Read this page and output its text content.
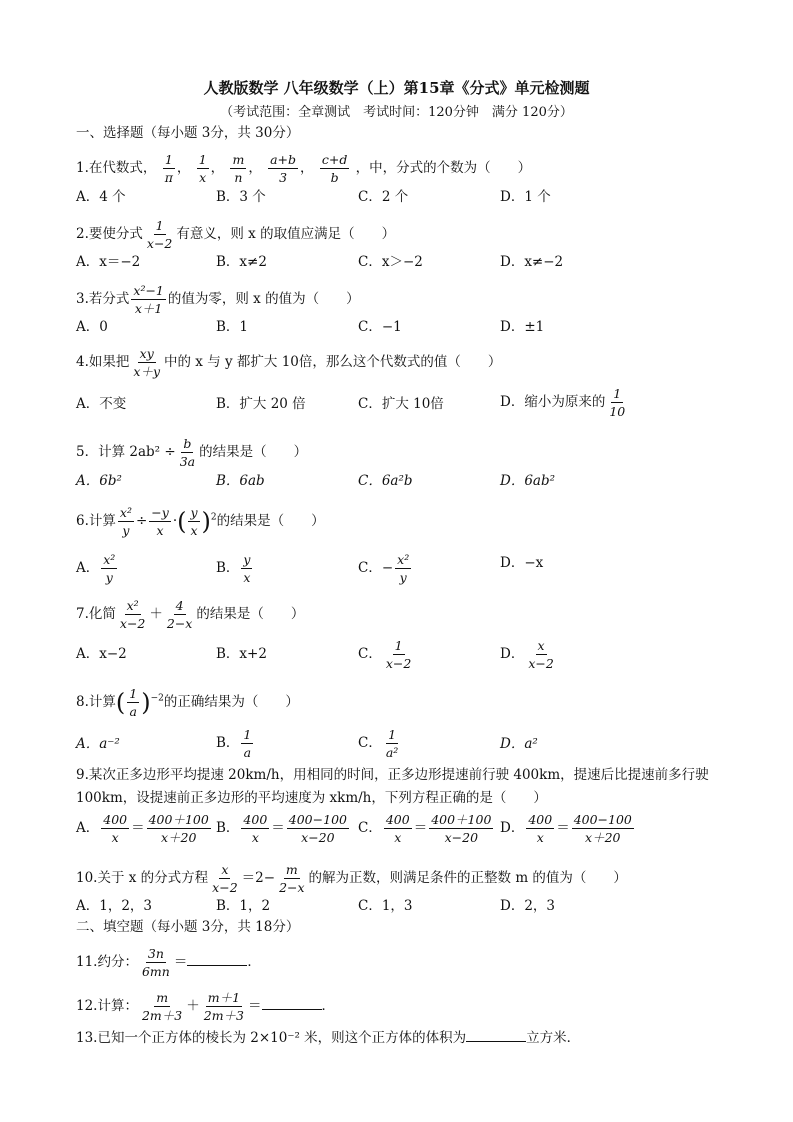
人教版数学 八年级数学（上）第15章《分式》单元检测题
（考试范围：全章测试　考试时间：120分钟　满分 120分）
一、选择题（每小题 3分，共 30分）
1.在代数式， $\frac{1}{\pi}$ ， $\frac{1}{x}$ ， $\frac{m}{n}$ ， $\frac{a+b}{3}$ ， $\frac{c+d}{b}$ ，中，分式的个数为（　　）
A．4 个	B．3 个	C．2 个	D．1 个
2.要使分式 $\frac{1}{x-2}$ 有意义，则 x 的取值应满足（　　）
A．x＝−2	B．x≠2	C．x＞−2	D．x≠−2
3.若分式 $\frac{\text{x²−1}}{x+1}$ 的值为零，则 x 的值为（　　）
A．0	B．1	C．−1	D．±1
4.如果把 $\frac{xy}{x+y}$ 中的 x 与 y 都扩大 10倍，那么这个代数式的值（　　）
A．不变	B．扩大 20 倍	C．扩大 10倍	D．缩小为原来的 $\frac{1}{10}$
5．计算 $2ab^2 \div \frac{b}{3a}$ 的结果是（　　）
A．6b²	B．6ab	C．6a²b	D．6ab²
6.计算 $\frac{\text{x²}}{y} \div \frac{-y}{x}$ ·( $\frac{y}{x} )^2$的结果是（　　）
A． $\frac{\text{x²}}{y}$	B． $\frac{y}{x}$	C．− $\frac{\text{x²}}{y}$	D．−x
7.化简 $\frac{\text{x²}}{x-2} + \frac{4}{2-x}$ 的结果是（　　）
A．x−2	B．x+2	C． $\frac{1}{x-2}$	D． $\frac{x}{x-2}$
8.计算( $\frac{1}{a} )^{-2}$的正确结果为（　　）
A．a⁻²	B． $\frac{1}{a}$	C． $\frac{1}{\text{a²}}$	D．a²
9.某次正多边形平均提速 20km/h，用相同的时间，正多边形提速前行驶 400km，提速后比提速前多行驶
100km，设提速前正多边形的平均速度为 xkm/h，下列方程正确的是（　　）
A． $\frac{400}{x} = \frac{400+100}{x+20}$ B． $\frac{400}{x} = \frac{400-100}{x-20}$ C． $\frac{400}{x} = \frac{400+100}{x-20}$ D． $\frac{400}{x} = \frac{400-100}{x+20}$
10.关于 x 的分式方程 $\frac{x}{x-2} =2- \frac{m}{2-x}$ 的解为正数，则满足条件的正整数 m 的值为（　　）
A．1，2，3	B．1，2	C．1，3	D．2，3
二、填空题（每小题 3分，共 18分）
11.约分： $\frac{3n}{6mn}$ ＝	．
12.计算： $\frac{m}{2m+3} + \frac{m+1}{2m+3}$ ＝	．
13.已知一个正方体的棱长为 2×10⁻² 米，则这个正方体的体积为	立方米．
